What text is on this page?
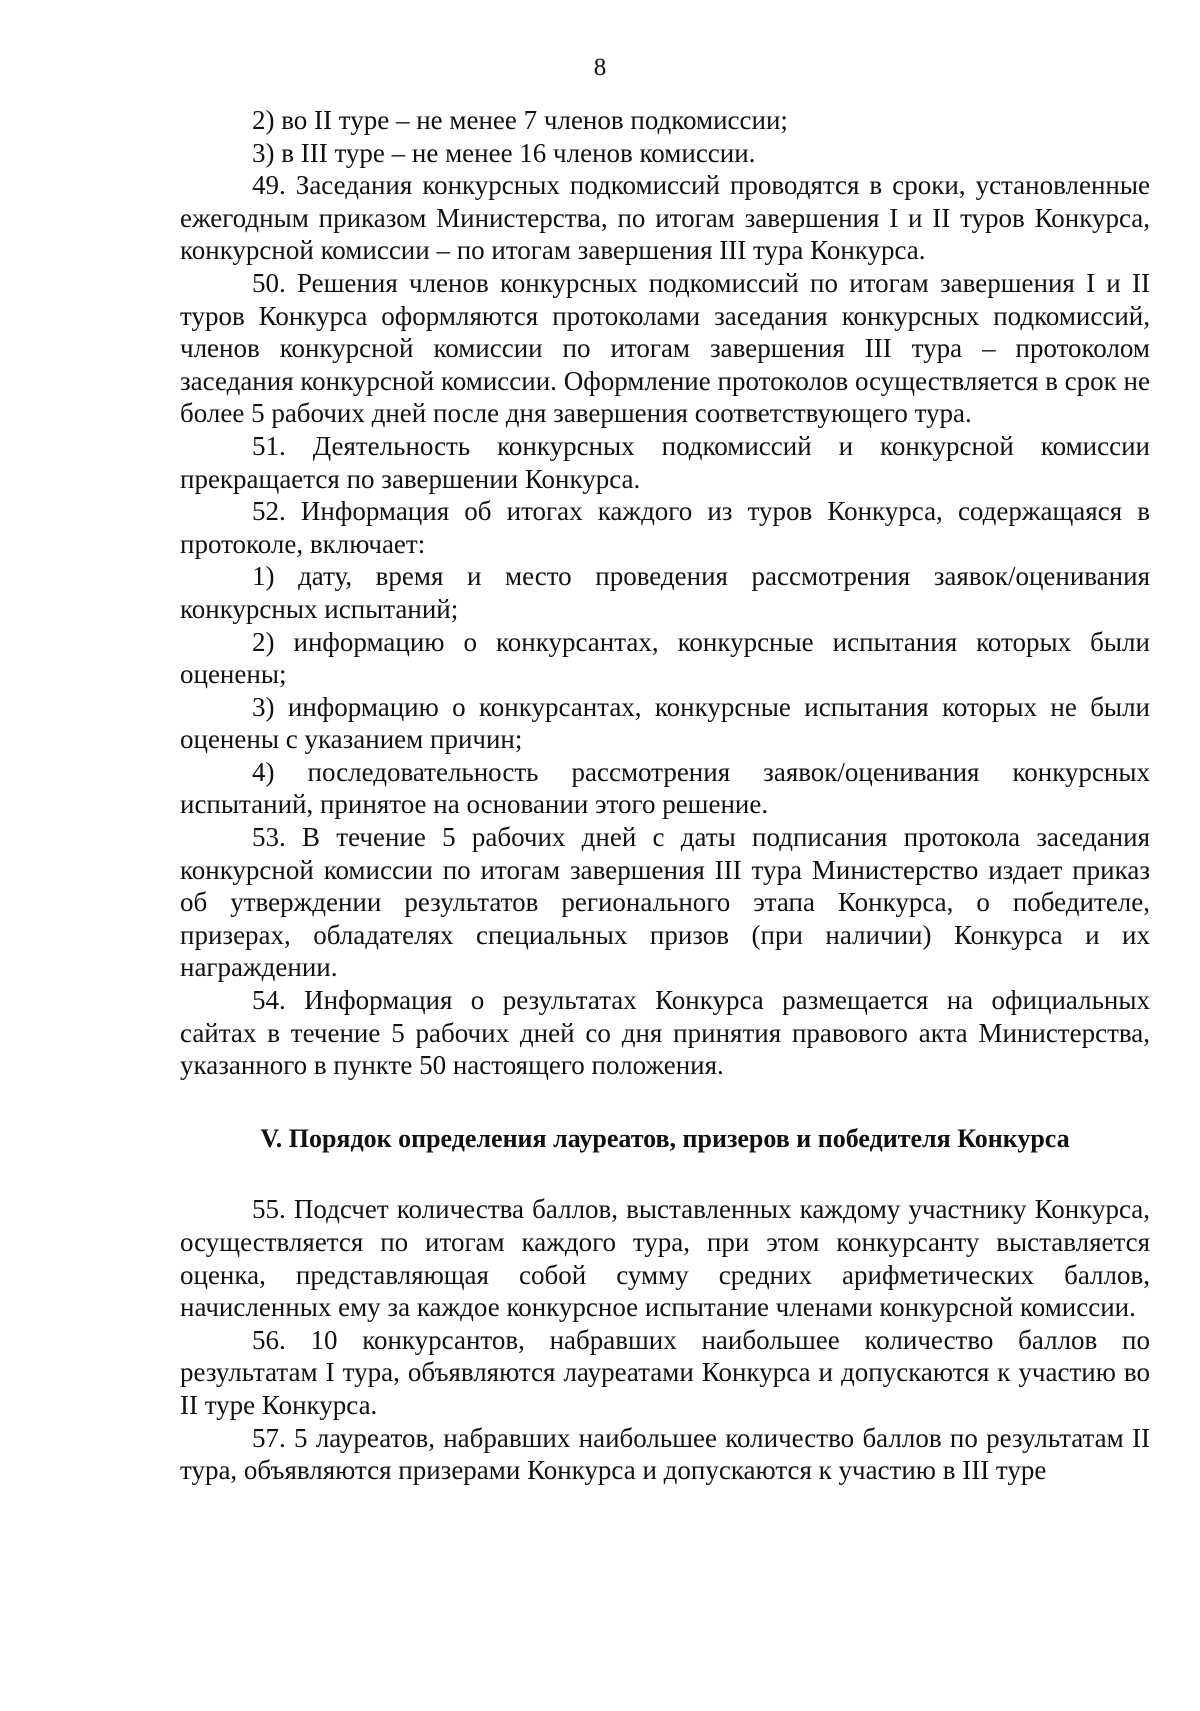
8

2) во II туре – не менее 7 членов подкомиссии;

3) в III туре – не менее 16 членов комиссии.

49. Заседания конкурсных подкомиссий проводятся в сроки, установленные ежегодным приказом Министерства, по итогам завершения I и II туров Конкурса, конкурсной комиссии – по итогам завершения III тура Конкурса.

50. Решения членов конкурсных подкомиссий по итогам завершения I и II туров Конкурса оформляются протоколами заседания конкурсных подкомиссий, членов конкурсной комиссии по итогам завершения III тура – протоколом заседания конкурсной комиссии. Оформление протоколов осуществляется в срок не более 5 рабочих дней после дня завершения соответствующего тура.

51. Деятельность конкурсных подкомиссий и конкурсной комиссии прекращается по завершении Конкурса.

52. Информация об итогах каждого из туров Конкурса, содержащаяся в протоколе, включает:

1) дату, время и место проведения рассмотрения заявок/оценивания конкурсных испытаний;

2) информацию о конкурсантах, конкурсные испытания которых были оценены;

3) информацию о конкурсантах, конкурсные испытания которых не были оценены с указанием причин;

4) последовательность рассмотрения заявок/оценивания конкурсных испытаний, принятое на основании этого решение.

53. В течение 5 рабочих дней с даты подписания протокола заседания конкурсной комиссии по итогам завершения III тура Министерство издает приказ об утверждении результатов регионального этапа Конкурса, о победителе, призерах, обладателях специальных призов (при наличии) Конкурса и их награждении.

54. Информация о результатах Конкурса размещается на официальных сайтах в течение 5 рабочих дней со дня принятия правового акта Министерства, указанного в пункте 50 настоящего положения.

V. Порядок определения лауреатов, призеров и победителя Конкурса

55. Подсчет количества баллов, выставленных каждому участнику Конкурса, осуществляется по итогам каждого тура, при этом конкурсанту выставляется оценка, представляющая собой сумму средних арифметических баллов, начисленных ему за каждое конкурсное испытание членами конкурсной комиссии.

56. 10 конкурсантов, набравших наибольшее количество баллов по результатам I тура, объявляются лауреатами Конкурса и допускаются к участию во II туре Конкурса.

57. 5 лауреатов, набравших наибольшее количество баллов по результатам II тура, объявляются призерами Конкурса и допускаются к участию в III туре
